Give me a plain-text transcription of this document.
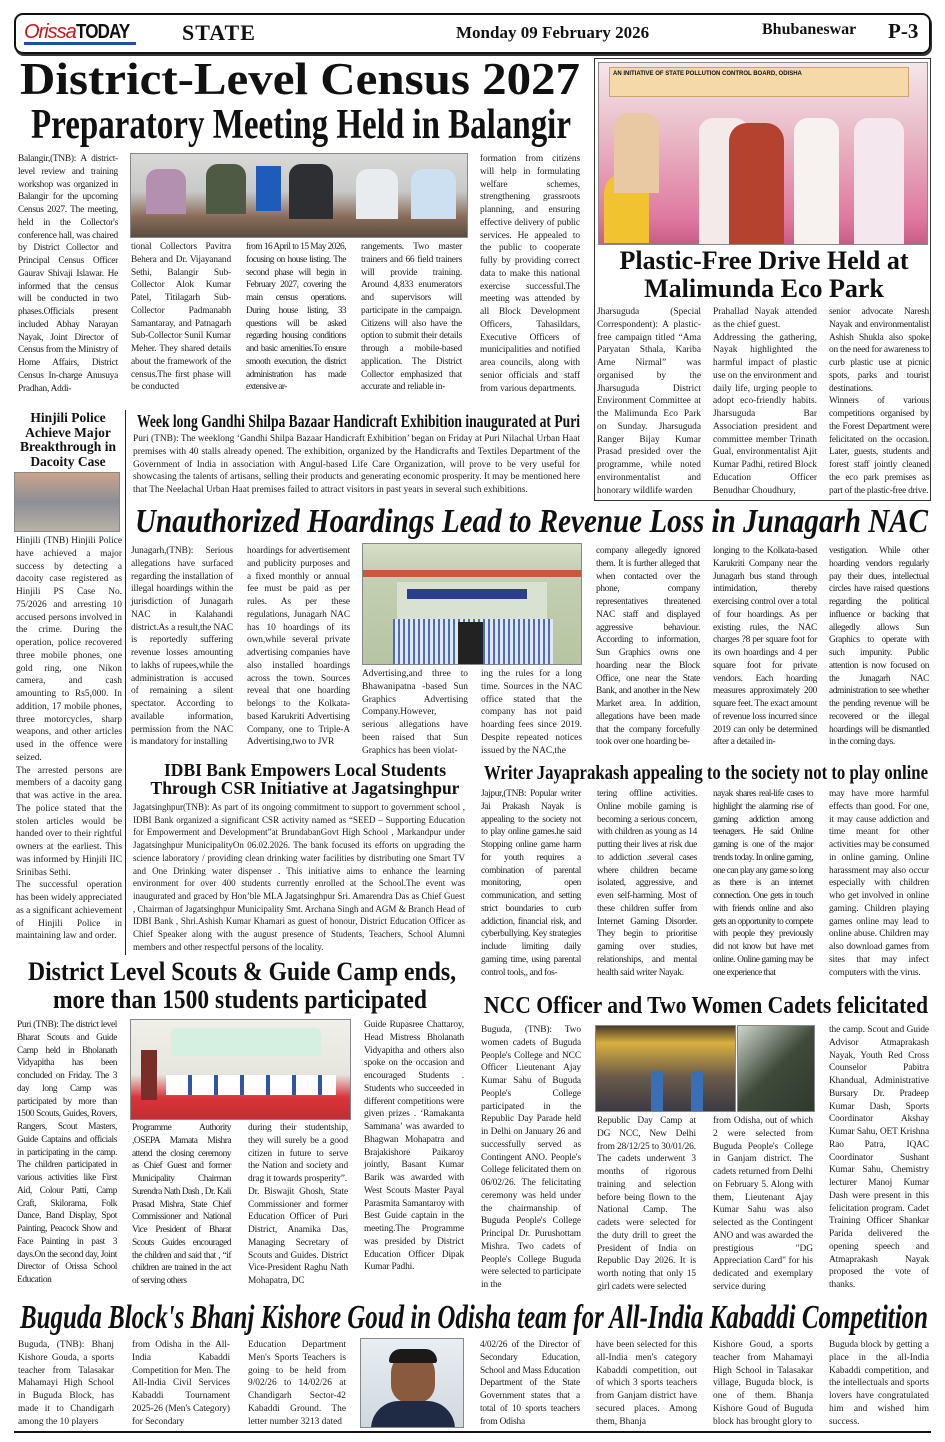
OrissaTODAY	STATE	Monday 09 February 2026	Bhubaneswar P-3
District-Level Census 2027
Preparatory Meeting Held in Balangir
Balangir,(TNB): A district-level review and training workshop was organized in Balangir for the upcoming Census 2027. The meeting, held in the Collector's conference hall, was chaired by District Collector and Principal Census Officer Gaurav Shivaji Islawar. He informed that the census will be conducted in two phases.Officials present included Abhay Narayan Nayak, Joint Director of Census from the Ministry of Home Affairs, District Census In-charge Anusuya Pradhan, Addi-
tional Collectors Pavitra Behera and Dr. Vijayanand Sethi, Balangir Sub-Collector Alok Kumar Patel, Titilagarh Sub-Collector Padmanabh Samantaray, and Patnagarh Sub-Collector Sunil Kumar Meher. They shared details about the framework of the census.The first phase will be conducted
from 16 April to 15 May 2026, focusing on house listing. The second phase will begin in February 2027, covering the main census operations. During house listing, 33 questions will be asked regarding housing conditions and basic amenities.To ensure smooth execution, the district administration has made extensive ar-
rangements. Two master trainers and 66 field trainers will provide training. Around 4,833 enumerators and supervisors will participate in the campaign. Citizens will also have the option to submit their details through a mobile-based application. The District Collector emphasized that accurate and reliable in-
formation from citizens will help in formulating welfare schemes, strengthening grassroots planning, and ensuring effective delivery of public services. He appealed to the public to cooperate fully by providing correct data to make this national exercise successful.The meeting was attended by all Block Development Officers, Tahasildars, Executive Officers of municipalities and notified area councils, along with senior officials and staff from various departments.
AN INITIATIVE OF STATE POLLUTION CONTROL BOARD, ODISHA
Plastic-Free Drive Held at
Malimunda Eco Park
Jharsuguda (Special Correspondent): A plastic-free campaign titled “Ama Paryatan Sthala, Kariba Ame Nirmal” was organised by the Jharsuguda District Environment Committee at the Malimunda Eco Park on Sunday. Jharsuguda Ranger Bijay Kumar Prasad presided over the programme, while noted environmentalist and honorary wildlife warden
Prahallad Nayak attended as the chief guest.
Addressing the gathering, Nayak highlighted the harmful impact of plastic use on the environment and daily life, urging people to adopt eco-friendly habits. Jharsuguda Bar Association president and committee member Trinath Gual, environmentalist Ajit Kumar Padhi, retired Block Education Officer Benudhar Choudhury,
senior advocate Naresh Nayak and environmentalist Ashish Shukla also spoke on the need for awareness to curb plastic use at picnic spots, parks and tourist destinations.
Winners of various competitions organised by the Forest Department were felicitated on the occasion. Later, guests, students and forest staff jointly cleaned the eco park premises as part of the plastic-free drive.
Hinjili Police Achieve Major Breakthrough in Dacoity Case
Hinjili (TNB) Hinjili Police have achieved a major success by detecting a dacoity case registered as Hinjili PS Case No. 75/2026 and arresting 10 accused persons involved in the crime. During the operation, police recovered three mobile phones, one gold ring, one Nikon camera, and cash amounting to Rs5,000. In addition, 17 mobile phones, three motorcycles, sharp weapons, and other articles used in the offence were seized.
The arrested persons are members of a dacoity gang that was active in the area. The police stated that the stolen articles would be handed over to their rightful owners at the earliest. This was informed by Hinjili IIC Srinibas Sethi.
The successful operation has been widely appreciated as a significant achievement of Hinjili Police in maintaining law and order.
Week long Gandhi Shilpa Bazaar Handicraft Exhibition inaugurated at Puri
Puri (TNB): The weeklong ‘Gandhi Shilpa Bazaar Handicraft Exhibition’ began on Friday at Puri Nilachal Urban Haat premises with 40 stalls already opened. The exhibition, organized by the Handicrafts and Textiles Department of the Government of India in association with Angul-based Life Care Organization, will prove to be very useful for showcasing the talents of artisans, selling their products and generating economic prosperity. It may be mentioned here that The Neelachal Urban Haat premises failed to attract visitors in past years in several such exhibitions.
Unauthorized Hoardings Lead to Revenue Loss in Junagarh NAC
Junagarh,(TNB): Serious allegations have surfaced regarding the installation of illegal hoardings within the jurisdiction of Junagarh NAC in Kalahandi district.As a result,the NAC is reportedly suffering revenue losses amounting to lakhs of rupees,while the administration is accused of remaining a silent spectator. According to available information, permission from the NAC is mandatory for installing
hoardings for advertisement and publicity purposes and a fixed monthly or annual fee must be paid as per rules. As per these regulations, Junagarh NAC has 10 hoardings of its own,while several private advertising companies have also installed hoardings across the town. Sources reveal that one hoarding belongs to the Kolkata-based Karukriti Advertising Company, one to Triple-A Advertising,two to JVR
Advertising,and three to Bhawanipatna -based Sun Graphics Advertising Company.However,
serious allegations have been raised that Sun Graphics has been violat-
ing the rules for a long time. Sources in the NAC office stated that the company has not paid hoarding fees since 2019. Despite repeated notices issued by the NAC,the
company allegedly ignored them. It is further alleged that when contacted over the phone, company representatives threatened NAC staff and displayed aggressive behaviour. According to information, Sun Graphics owns one hoarding near the Block Office, one near the State Bank, and another in the New Market area. In addition, allegations have been made that the company forcefully took over one hoarding be-
longing to the Kolkata-based Karukriti Company near the Junagarh bus stand through intimidation, thereby exercising control over a total of four hoardings. As per existing rules, the NAC charges ?8 per square foot for its own hoardings and 4 per square foot for private vendors. Each hoarding measures approximately 200 square feet. The exact amount of revenue loss incurred since 2019 can only be determined after a detailed in-
vestigation. While other hoarding vendors regularly pay their dues, intellectual circles have raised questions regarding the political influence or backing that allegedly allows Sun Graphics to operate with such impunity. Public attention is now focused on the Junagarh NAC administration to see whether the pending revenue will be recovered or the illegal hoardings will be dismantled in the coming days.
IDBI Bank Empowers Local Students
Through CSR Initiative at Jagatsinghpur
Jagatsinghpur(TNB): As part of its ongoing commitment to support to government school , IDBI Bank organized a significant CSR activity named as “SEED – Supporting Education for Empowerment and Development”at BrundabanGovt High School , Markandpur under Jagatsinghpur MunicipalityOn 06.02.2026. The bank focused its efforts on upgrading the science laboratory / providing clean drinking water facilities by distributing one Smart TV and One Drinking water dispenser . This initiative aims to enhance the learning environment for over 400 students currently enrolled at the School.The event was inaugurated and graced by Hon’ble MLA Jagatsinghpur Sri. Amarendra Das as Chief Guest , Chairman of Jagatsinghpur Municipality Smt. Archana Singh and AGM & Branch Head of IDBI Bank , Shri.Ashish Kumar Khamari as guest of honour, District Education Officer as Chief Speaker along with the august presence of Students, Teachers, School Alumni members and other respectful persons of the locality.
Writer Jayaprakash appealing to the society not to play online
Jajpur,(TNB: Popular writer Jai Prakash Nayak is appealing to the society not to play online games.he said Stopping online game harm for youth requires a combination of parental monitoring, open communication, and setting strict boundaries to curb addiction, financial risk, and cyberbullying. Key strategies include limiting daily gaming time, using parental control tools,, and fos-
tering offline activities. Online mobile gaming is becoming a serious concern, with children as young as 14 putting their lives at risk due to addiction .several cases where children became isolated, aggressive, and even self-harming. Most of these children suffer from Internet Gaming Disorder. They begin to prioritise gaming over studies, relationships, and mental health said writer Nayak.
nayak shares real-life cases to highlight the alarming rise of gaming addiction among teenagers. He said Online gaming is one of the major trends today. In online gaming, one can play any game so long as there is an internet connection. One gets in touch with friends online and also gets an opportunity to compete with people they previously did not know but have met online. Online gaming may be one experience that
may have more harmful effects than good. For one, it may cause addiction and time meant for other activities may be consumed in online gaming. Online harassment may also occur especially with children who get involved in online gaming. Children playing games online may lead to online abuse. Children may also download games from sites that may infect computers with the virus.
District Level Scouts & Guide Camp ends,
more than 1500 students participated
Puri (TNB): The district level Bharat Scouts and Guide Camp held in Bholanath Vidyapitha has been concluded on Friday. The 3 day long Camp was participated by more than 1500 Scouts, Guides, Rovers, Rangers, Scout Masters, Guide Captains and officials in participating in the camp. The children participated in various activities like First Aid, Colour Patti, Camp Craft, Skilorama, Folk Dance, Band Display, Spot Painting, Peacock Show and Face Painting in past 3 days.On the second day, Joint Director of Orissa School Education
Programme Authority ,OSEPA Mamata Mishra attend the closing ceremony as Chief Guest and former Municipality Chairman Surendra Nath Dash , Dr. Kali Prasad Mishra, State Chief Commissioner and National Vice President of Bharat Scouts Guides encouraged the children and said that , “if children are trained in the act of serving others
during their studentship, they will surely be a good citizen in future to serve the Nation and society and drag it towards prosperity”.
Dr. Biswajit Ghosh, State Commissioner and former Education Officer of Puri District, Anamika Das, Managing Secretary of Scouts and Guides. District Vice-President Raghu Nath Mohapatra, DC
Guide Rupasree Chattaroy, Head Mistress Bholanath Vidyapitha and others also spoke on the occasion and encouraged Students . Students who succeeded in different competitions were given prizes . ‘Ramakanta Sammana’ was awarded to Bhagwan Mohapatra and Brajakishore Paikaroy jointly, Basant Kumar Barik was awarded with West Scouts Master Payal Parasmita Samantaroy with Best Guide captain in the meeting.The Programme was presided by District Education Officer Dipak Kumar Padhi.
NCC Officer and Two Women Cadets felicitated
Buguda, (TNB): Two women cadets of Buguda People's College and NCC Officer Lieutenant Ajay Kumar Sahu of Buguda People's College participated in the Republic Day Parade held in Delhi on January 26 and successfully served as Contingent ANO. People's College felicitated them on 06/02/26. The felicitating ceremony was held under the chairmanship of Buguda People's College Principal Dr. Purushottam Mishra. Two cadets of People's College Buguda were selected to participate in the
Republic Day Camp at DG NCC, New Delhi from 28/12/25 to 30/01/26. The cadets underwent 3 months of rigorous training and selection before being flown to the National Camp. The cadets were selected for the duty drill to greet the President of India on Republic Day 2026. It is worth noting that only 15 girl cadets were selected
from Odisha, out of which 2 were selected from Buguda People's College in Ganjam district. The cadets returned from Delhi on February 5. Along with them, Lieutenant Ajay Kumar Sahu was also selected as the Contingent ANO and was awarded the prestigious "DG Appreciation Card" for his dedicated and exemplary service during
the camp. Scout and Guide Advisor Atmaprakash Nayak, Youth Red Cross Counselor Pabitra Khandual, Administrative Bursary Dr. Pradeep Kumar Dash, Sports Coordinator Akshay Kumar Sahu, OET Krishna Rao Patra, IQAC Coordinator Sushant Kumar Sahu, Chemistry lecturer Manoj Kumar Dash were present in this felicitation program. Cadet Training Officer Shankar Parida delivered the opening speech and Atmaprakash Nayak proposed the vote of thanks.
Buguda Block's Bhanj Kishore Goud in Odisha team for All-India Kabaddi Competition
Buguda, (TNB): Bhanj Kishore Gouda, a sports teacher from Talasakar Mahamayi High School in Buguda Block, has made it to Chandigarh among the 10 players
from Odisha in the All-India Kabaddi Competition for Men. The All-India Civil Services Kabaddi Tournament 2025-26 (Men's Category) for Secondary
Education Department Men's Sports Teachers is going to be held from 9/02/26 to 14/02/26 at Chandigarh Sector-42 Kabaddi Ground. The letter number 3213 dated
4/02/26 of the Director of Secondary Education, School and Mass Education Department of the State Government states that a total of 10 sports teachers from Odisha
have been selected for this all-India men's category Kabaddi competition, out of which 3 sports teachers from Ganjam district have secured places. Among them, Bhanja
Kishore Goud, a sports teacher from Mahamayi High School in Talasakar village, Buguda block, is one of them. Bhanja Kishore Goud of Buguda block has brought glory to
Buguda block by getting a place in the all-India Kabaddi competition, and the intellectuals and sports lovers have congratulated him and wished him success.
